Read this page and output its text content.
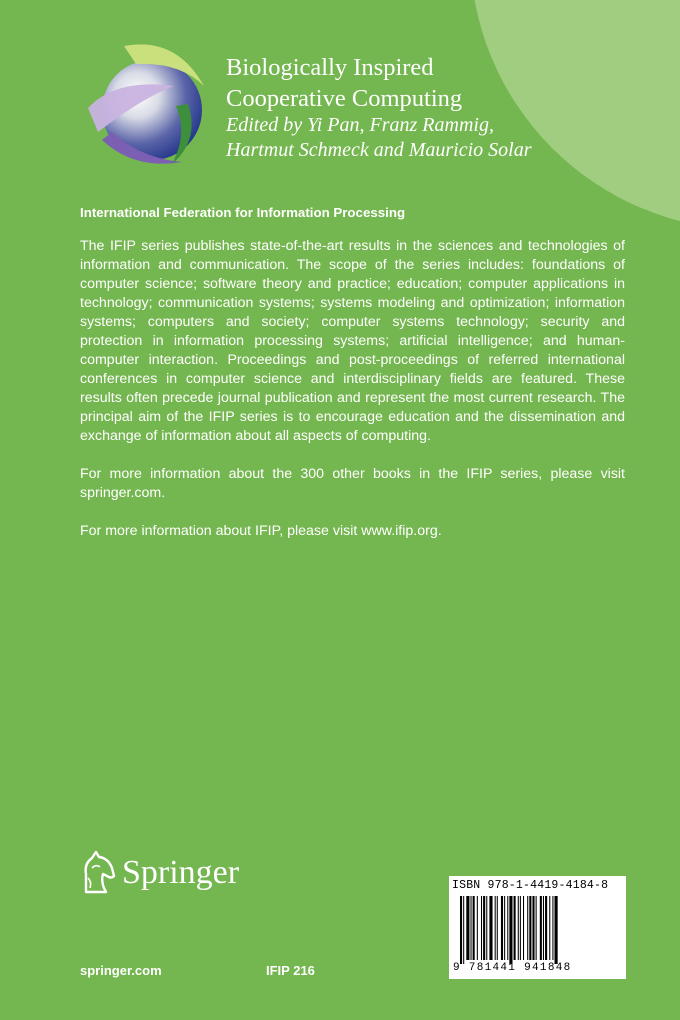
Biologically Inspired
Cooperative Computing
Edited by Yi Pan, Franz Rammig,
Hartmut Schmeck and Mauricio Solar

International Federation for Information Processing

The IFIP series publishes state-of-the-art results in the sciences and technologies of information and communication. The scope of the series includes: foundations of computer science; software theory and practice; education; computer applications in technology; communication systems; systems modeling and optimization; information systems; computers and society; computer systems technology; security and protection in information processing systems; artificial intelligence; and human-computer interaction. Proceedings and post-proceedings of referred international conferences in computer science and interdisciplinary fields are featured. These results often precede journal publication and represent the most current research. The principal aim of the IFIP series is to encourage education and the dissemination and exchange of information about all aspects of computing.

For more information about the 300 other books in the IFIP series, please visit springer.com.

For more information about IFIP, please visit www.ifip.org.

Springer
springer.com	IFIP 216
ISBN 978-1-4419-4184-8
9 781441 941848
